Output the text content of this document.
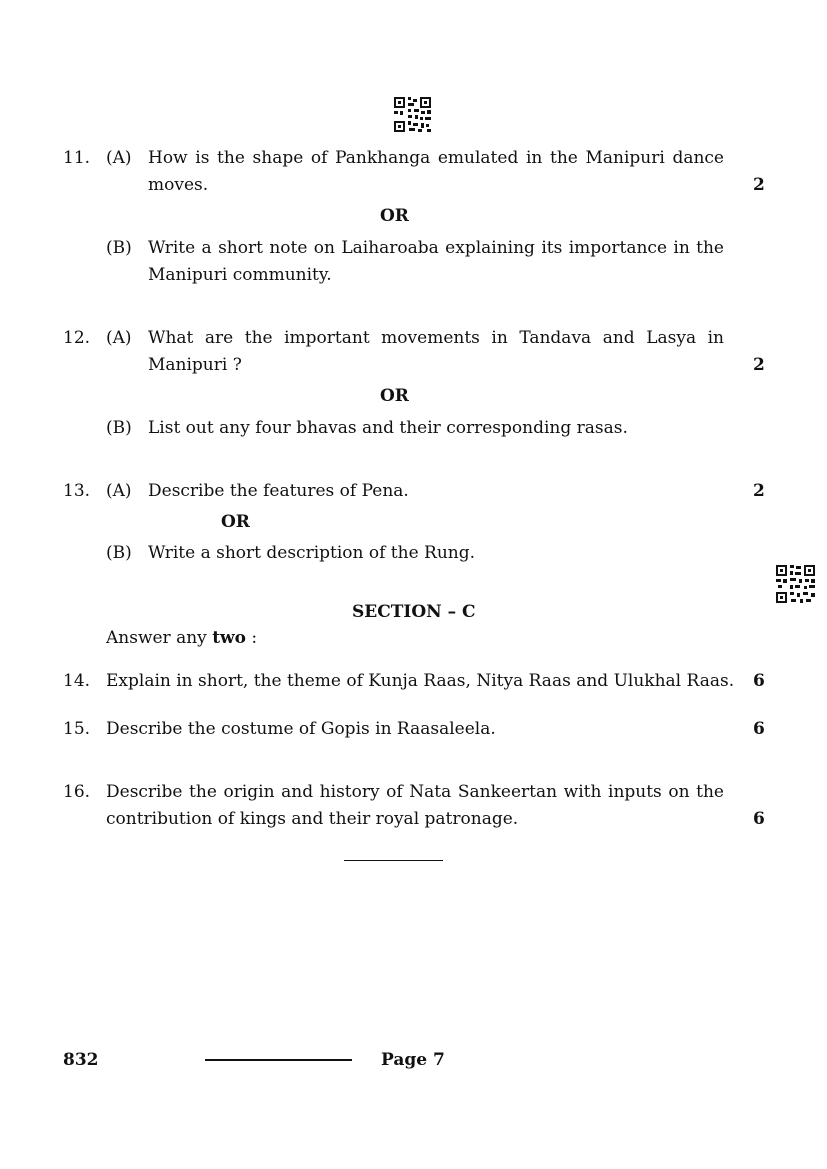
11. (A) How is the shape of Pankhanga emulated in the Manipuri dance
moves.	2
OR
(B) Write a short note on Laiharoaba explaining its importance in the
Manipuri community.
12. (A) What are the important movements in Tandava and Lasya in
Manipuri ?	2
OR
(B) List out any four bhavas and their corresponding rasas.
13. (A) Describe the features of Pena.	2
OR
(B) Write a short description of the Rung.
SECTION – C
Answer any two :
14. Explain in short, the theme of Kunja Raas, Nitya Raas and Ulukhal Raas. 6
15. Describe the costume of Gopis in Raasaleela.	6
16. Describe the origin and history of Nata Sankeertan with inputs on the
contribution of kings and their royal patronage.	6
832	Page 7
